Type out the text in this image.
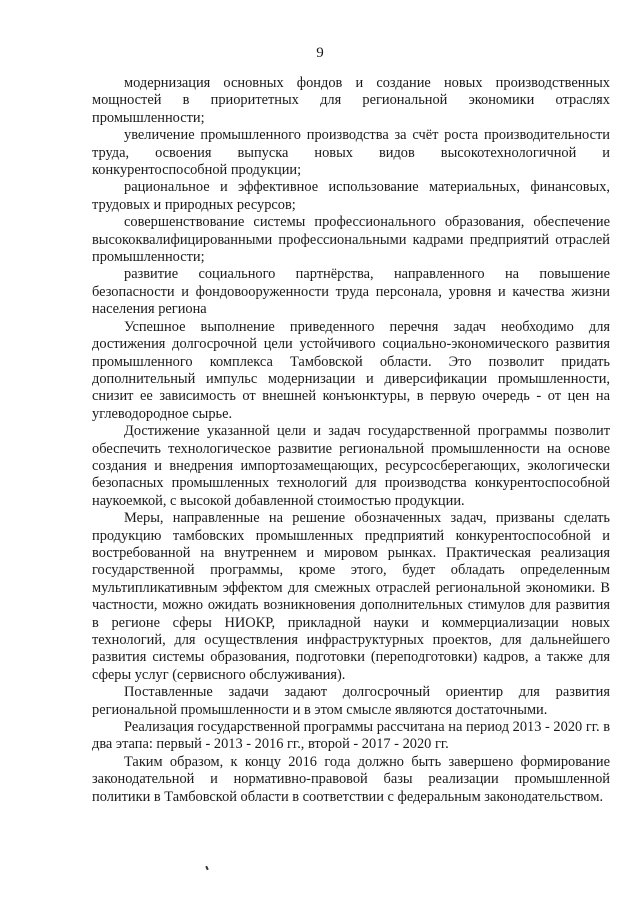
9

модернизация основных фондов и создание новых производственных мощностей в приоритетных для региональной экономики отраслях промышленности;

увеличение промышленного производства за счёт роста производительности труда, освоения выпуска новых видов высокотехнологичной и конкурентоспособной продукции;

рациональное и эффективное использование материальных, финансовых, трудовых и природных ресурсов;

совершенствование системы профессионального образования, обеспечение высококвалифицированными профессиональными кадрами предприятий отраслей промышленности;

развитие социального партнёрства, направленного на повышение безопасности и фондовооруженности труда персонала, уровня и качества жизни населения региона

Успешное выполнение приведенного перечня задач необходимо для достижения долгосрочной цели устойчивого социально-экономического развития промышленного комплекса Тамбовской области. Это позволит придать дополнительный импульс модернизации и диверсификации промышленности, снизит ее зависимость от внешней конъюнктуры, в первую очередь - от цен на углеводородное сырье.

Достижение указанной цели и задач государственной программы позволит обеспечить технологическое развитие региональной промышленности на основе создания и внедрения импортозамещающих, ресурсосберегающих, экологически безопасных промышленных технологий для производства конкурентоспособной наукоемкой, с высокой добавленной стоимостью продукции.

Меры, направленные на решение обозначенных задач, призваны сделать продукцию тамбовских промышленных предприятий конкурентоспособной и востребованной на внутреннем и мировом рынках. Практическая реализация государственной программы, кроме этого, будет обладать определенным мультипликативным эффектом для смежных отраслей региональной экономики. В частности, можно ожидать возникновения дополнительных стимулов для развития в регионе сферы НИОКР, прикладной науки и коммерциализации новых технологий, для осуществления инфраструктурных проектов, для дальнейшего развития системы образования, подготовки (переподготовки) кадров, а также для сферы услуг (сервисного обслуживания).

Поставленные задачи задают долгосрочный ориентир для развития региональной промышленности и в этом смысле являются достаточными.

Реализация государственной программы рассчитана на период 2013 - 2020 гг. в два этапа: первый - 2013 - 2016 гг., второй - 2017 - 2020 гг.

Таким образом, к концу 2016 года должно быть завершено формирование законодательной и нормативно-правовой базы реализации промышленной политики в Тамбовской области в соответствии с федеральным законодательством.
